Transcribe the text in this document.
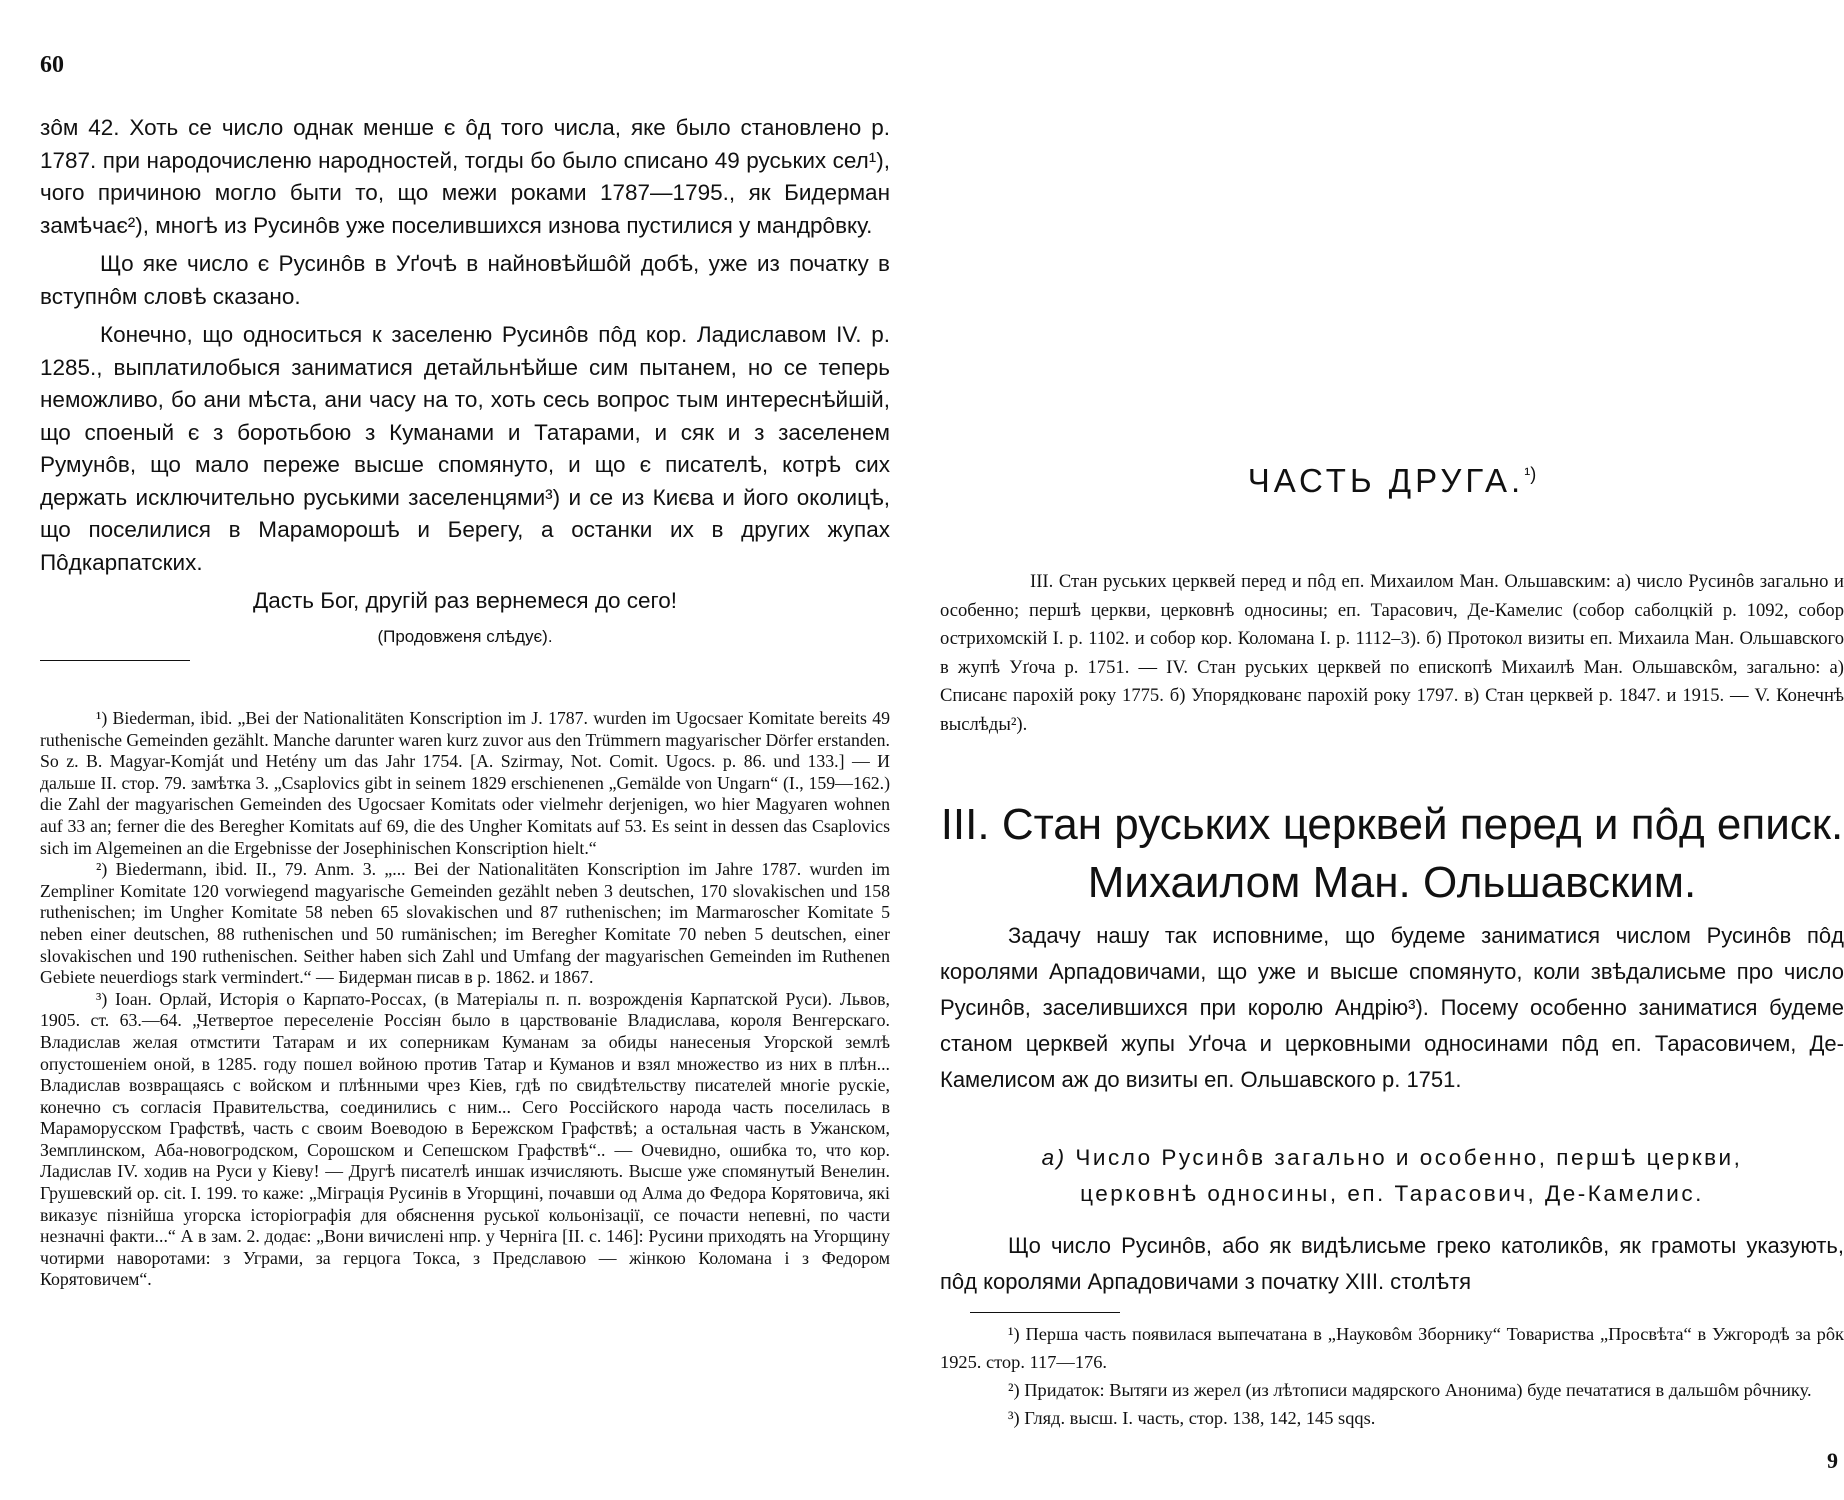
60

зôм 42. Хоть се число однак менше є ôд того числа, яке было становлено р. 1787. при народочисленю народностей, тогды бо было списано 49 руських сел¹), чого причиною могло быти то, що межи роками 1787—1795., як Бидерман замѣчає²), многѣ из Русинôв уже поселившихся изнова пустилися у мандрôвку.

Що яке число є Русинôв в Уґочѣ в найновѣйшôй добѣ, уже из початку в вступнôм словѣ сказано.

Конечно, що односиться к заселеню Русинôв пôд кор. Ладиславом IV. р. 1285., выплатилобыся заниматися детайльнѣйше сим пытанем, но се теперь неможливо, бо ани мѣста, ани часу на то, хоть сесь вопрос тым интереснѣйшій, що споеный є з боротьбою з Куманами и Татарами, и сяк и з заселенем Румунôв, що мало переже высше спомянуто, и що є писателѣ, котрѣ сих держать исключительно руськими заселенцями³) и се из Києва и його околицѣ, що поселилися в Мараморошѣ и Берегу, а останки их в других жупах Пôдкарпатских.

Дасть Бог, другій раз вернемеся до сего!

(Продовженя слѣдує).

¹) Biederman, ibid. „Bei der Nationalitäten Konscription im J. 1787. wurden im Ugocsaer Komitate bereits 49 ruthenische Gemeinden gezählt. Manche darunter waren kurz zuvor aus den Trümmern magyarischer Dörfer erstanden. So z. B. Magyar-Komját und Hetény um das Jahr 1754. [A. Szirmay, Not. Comit. Ugocs. p. 86. und 133.] — И дальше II. стор. 79. замѣтка 3. „Csaplovics gibt in seinem 1829 erschienenen „Gemälde von Ungarn“ (I., 159—162.) die Zahl der magyarischen Gemeinden des Ugocsaer Komitats oder vielmehr derjenigen, wo hier Magyaren wohnen auf 33 an; ferner die des Beregher Komitats auf 69, die des Ungher Komitats auf 53. Es seint in dessen das Csaplovics sich im Algemeinen an die Ergebnisse der Josephinischen Konscription hielt.“

²) Biedermann, ibid. II., 79. Anm. 3. „... Bei der Nationalitäten Konscription im Jahre 1787. wurden im Zempliner Komitate 120 vorwiegend magyarische Gemeinden gezählt neben 3 deutschen, 170 slovakischen und 158 ruthenischen; im Ungher Komitate 58 neben 65 slovakischen und 87 ruthenischen; im Marmaroscher Komitate 5 neben einer deutschen, 88 ruthenischen und 50 rumänischen; im Beregher Komitate 70 neben 5 deutschen, einer slovakischen und 190 ruthenischen. Seither haben sich Zahl und Umfang der magyarischen Gemeinden im Ruthenen Gebiete neuerdiogs stark vermindert.“ — Бидерман писав в р. 1862. и 1867.

³) Іоан. Орлай, Исторія о Карпато-Россах, (в Матеріалы п. п. возрожденія Карпатской Руси). Львов, 1905. ст. 63.—64. „Четвертое переселеніе Россіян было в царствованіе Владислава, короля Венгерскагo. Владислав желая отмстити Татарам и их соперникам Куманам за обиды нанесеныя Угорской землѣ опустошеніем оной, в 1285. году пошел войною против Татар и Куманов и взял множество из них в плѣн... Владислав возвращаясь с войском и плѣнными чрез Кіев, гдѣ по свидѣтельству писателей многіе рускіе, конечно съ согласія Правительства, соединились с ним... Сего Россійского народа часть поселилась в Мараморусском Графствѣ, часть с своим Воеводою в Бережском Графствѣ; а остальная часть в Ужанском, Земплинском, Аба-новогродском, Сорошском и Сепешском Графствѣ“.. — Очевидно, ошибка то, что кор. Ладислав IV. ходив на Руси у Кіеву! — Другѣ писателѣ иншак изчисляють. Высше уже спомянутый Венелин. Грушевский ор. cit. I. 199. то каже: „Міграція Русинів в Угорщині, почавши од Алма до Федора Корятовича, які виказує пізнійша угорска історіографія для обяснення руської кольонізації, се почасти непевні, по части незначні факти...“ А в зам. 2. додає: „Вони вичислені нпр. у Черніга [II. с. 146]: Русини приходять на Угорщину чотирми наворотами: з Уграми, за герцога Токса, з Предславою — жінкою Коломана і з Федором Корятовичем“.

ЧАСТЬ ДРУГА.$^{^1)}$

III. Стан руських церквей перед и пôд еп. Михаилом Ман. Ольшавским: а) число Русинôв загально и особенно; першѣ церкви, церковнѣ односины; еп. Тарасович, Де-Камелис (собор саболцкій р. 1092, собор острихомскій І. р. 1102. и собор кор. Коломана І. р. 1112–3). б) Протокол визиты еп. Михаила Ман. Ольшавского в жупѣ Уґоча р. 1751. — IV. Стан руських церквей по епископѣ Михаилѣ Ман. Ольшавскôм, загально: а) Списанє парохій року 1775. б) Упорядкованє парохій року 1797. в) Стан церквей р. 1847. и 1915. — V. Конечнѣ выслѣды²).

III. Стан руських церквей перед и пôд еписк.
Михаилом Ман. Ольшавским.

Задачу нашу так исповниме, що будеме заниматися числом Русинôв пôд королями Арпадовичами, що уже и высше спомянуто, коли звѣдалисьме про число Русинôв, заселившихся при королю Андрію³). Посему особенно заниматися будеме станом церквей жупы Уґоча и церковными односинами пôд еп. Тарасовичем, Де-Камелисом аж до визиты еп. Ольшавского р. 1751.

а) Число Русинôв загально и особенно, першѣ церкви,
церковнѣ односины, еп. Тарасович, Де-Камелис.

Що число Русинôв, або як видѣлисьме греко католикôв, як грамоты указують, пôд королями Арпадовичами з початку XIII. столѣтя

¹) Перша часть появилася выпечатана в „Науковôм Зборнику“ Товариства „Просвѣта“ в Ужгородѣ за рôк 1925. стор. 117—176.

²) Придаток: Вытяги из жерел (из лѣтописи мадярского Анонима) буде печататися в дальшôм рôчнику.

³) Гляд. высш. І. часть, стор. 138, 142, 145 sqqs.

9
